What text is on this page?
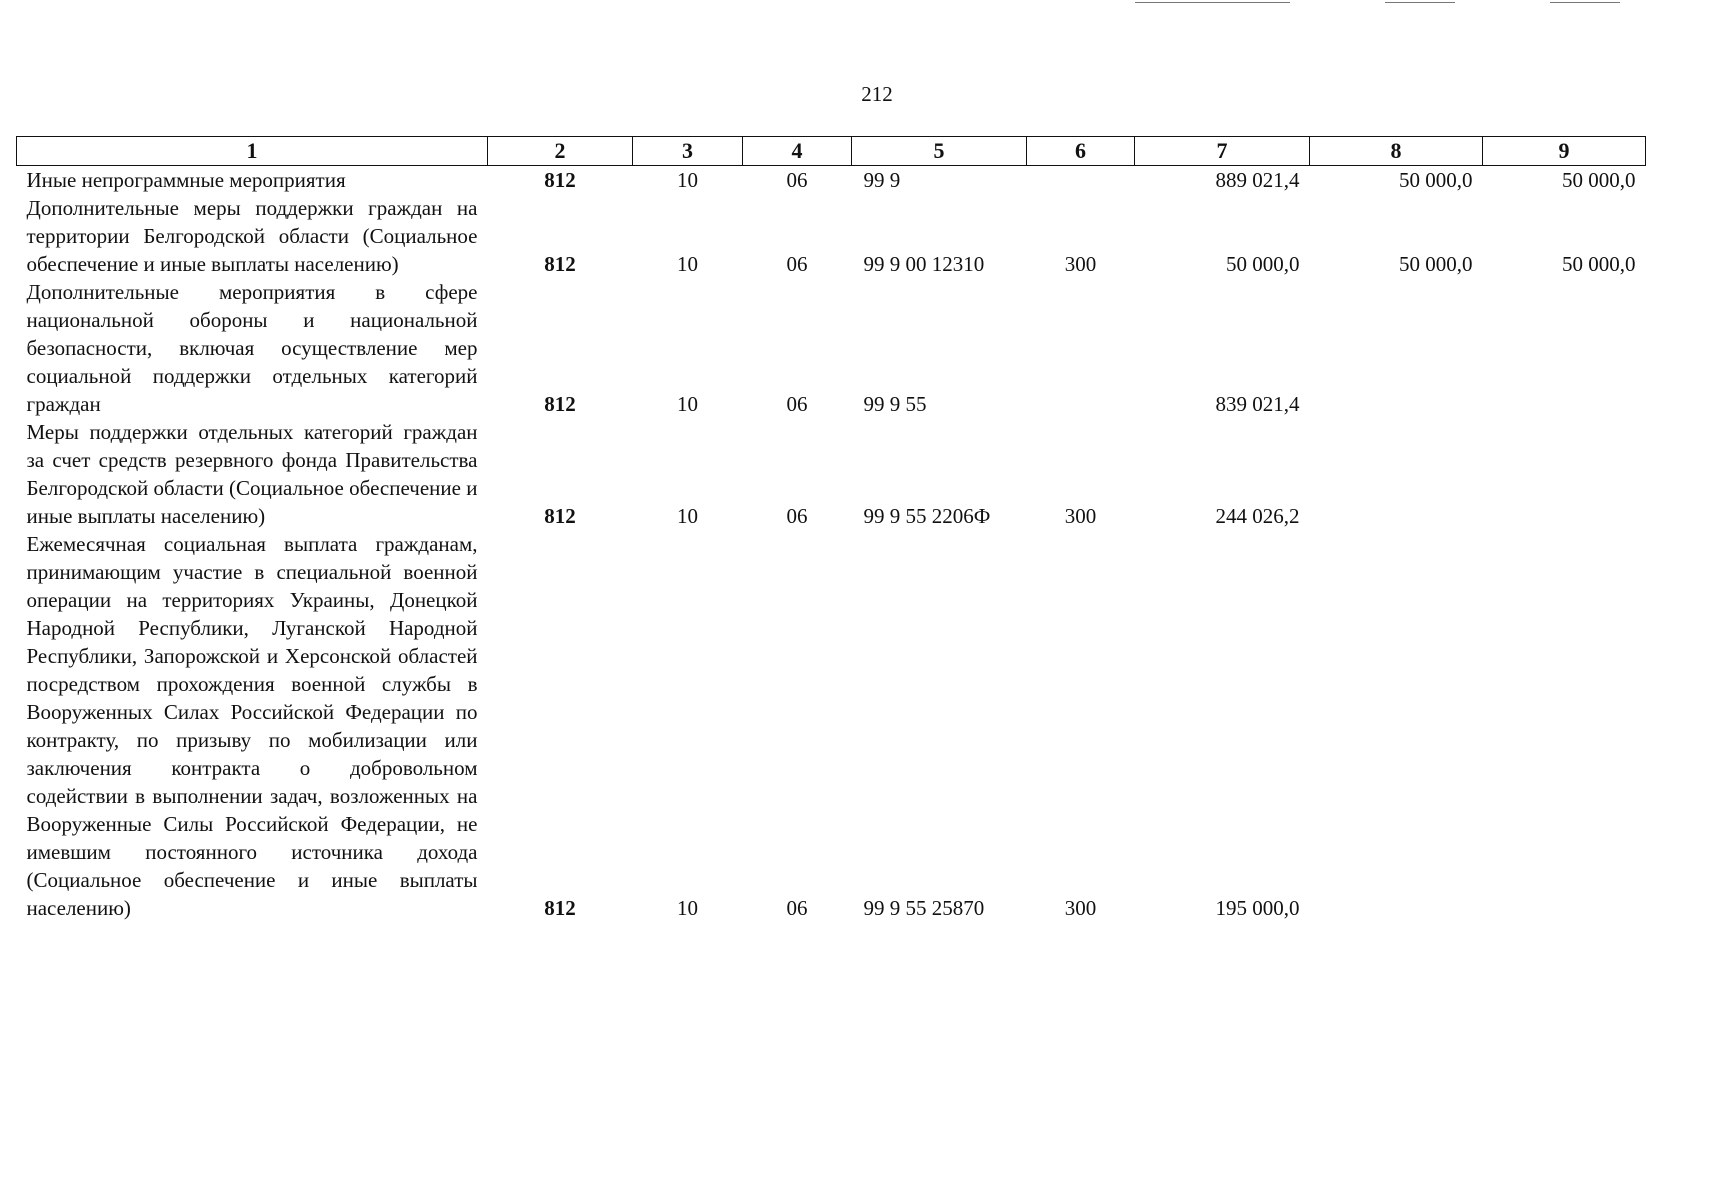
212
1	2	3	4	5	6	7	8	9
Иные непрограммные мероприятия	812	10	06	99 9		889 021,4	50 000,0	50 000,0
Дополнительные меры поддержки граждан на территории Белгородской области (Социальное обеспечение и иные выплаты населению)	812	10	06	99 9 00 12310	300	50 000,0	50 000,0	50 000,0
Дополнительные мероприятия в сфере национальной обороны и национальной безопасности, включая осуществление мер социальной поддержки отдельных категорий граждан	812	10	06	99 9 55		839 021,4		
Меры поддержки отдельных категорий граждан за счет средств резервного фонда Правительства Белгородской области (Социальное обеспечение и иные выплаты населению)	812	10	06	99 9 55 2206Ф	300	244 026,2		
Ежемесячная социальная выплата гражданам, принимающим участие в специальной военной операции на территориях Украины, Донецкой Народной Республики, Луганской Народной Республики, Запорожской и Херсонской областей посредством прохождения военной службы в Вооруженных Силах Российской Федерации по контракту, по призыву по мобилизации или заключения контракта о добровольном содействии в выполнении задач, возложенных на Вооруженные Силы Российской Федерации, не имевшим постоянного источника дохода (Социальное обеспечение и иные выплаты населению)	812	10	06	99 9 55 25870	300	195 000,0		
